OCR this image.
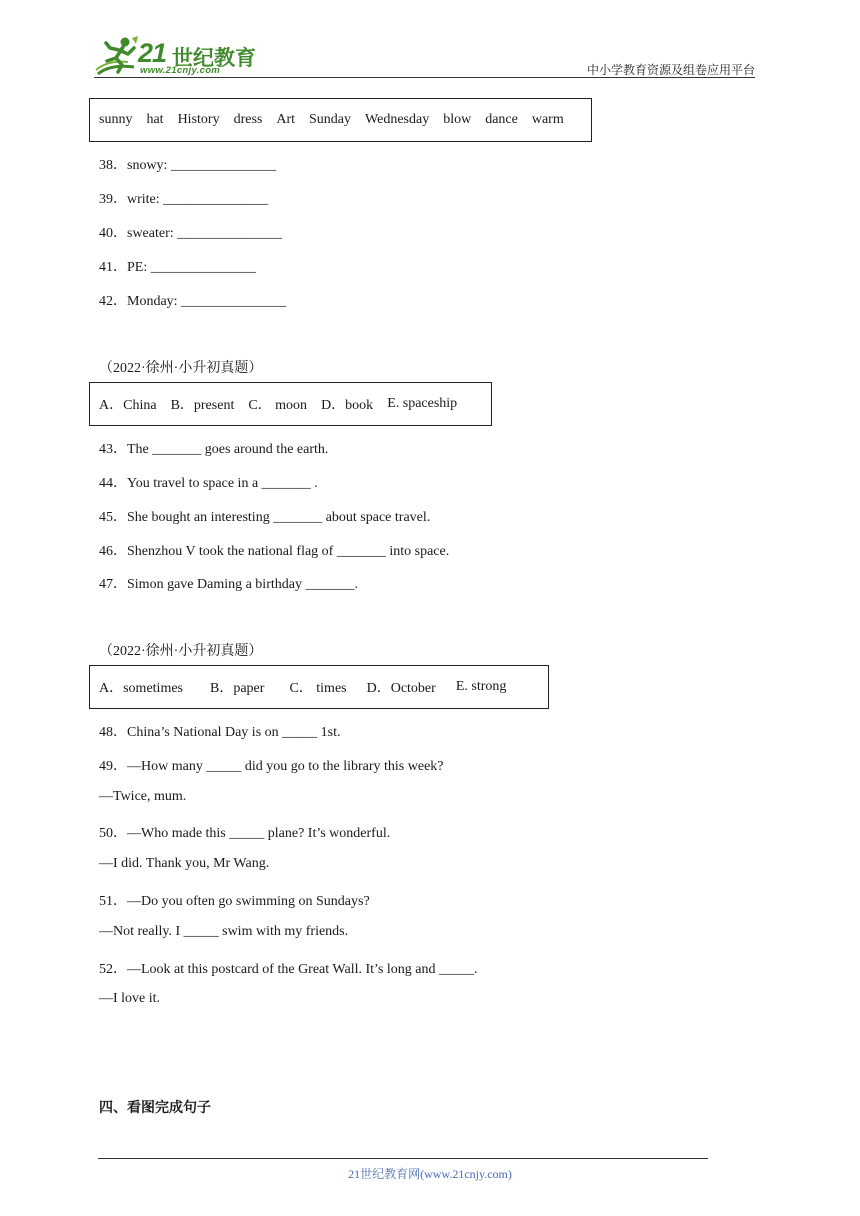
21 世纪教育
www.21cnjy.com	中小学教育资源及组卷应用平台
sunny hat History dress Art Sunday Wednesday blow dance warm
38．snowy: _______________
39．write: _______________
40．sweater: _______________
41．PE: _______________
42．Monday: _______________
（2022·徐州·小升初真题）
A．China B．present C． moon D．book E. spaceship
43．The _______ goes around the earth.
44．You travel to space in a _______ .
45．She bought an interesting _______ about space travel.
46．Shenzhou V took the national flag of _______ into space.
47．Simon gave Daming a birthday _______.
（2022·徐州·小升初真题）
A．sometimes B．paper C． times D．October E. strong
48．China’s National Day is on _____ 1st.
49．—How many _____ did you go to the library this week?
—Twice, mum.
50．—Who made this _____ plane? It’s wonderful.
—I did. Thank you, Mr Wang.
51．—Do you often go swimming on Sundays?
—Not really. I _____ swim with my friends.
52．—Look at this postcard of the Great Wall. It’s long and _____.
—I love it.
四、看图完成句子
21世纪教育网(www.21cnjy.com)
